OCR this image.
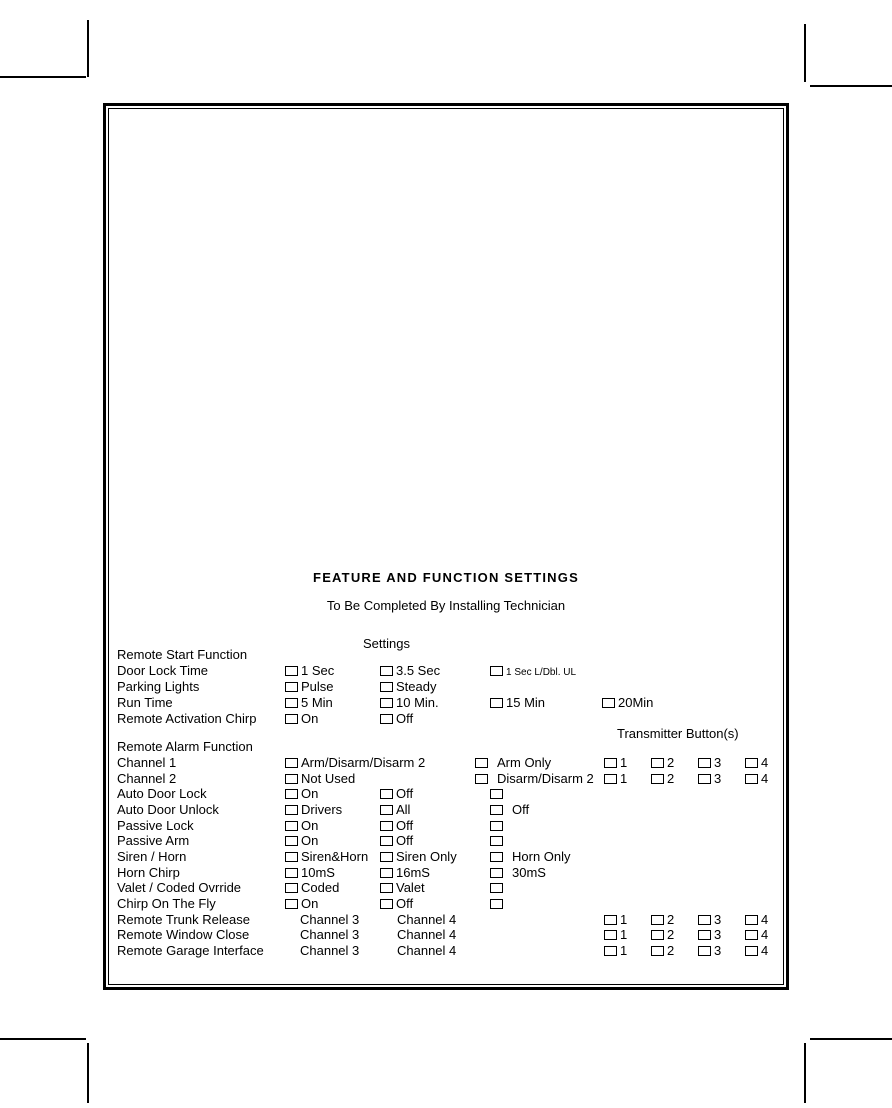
FEATURE AND FUNCTION SETTINGS
To Be Completed By Installing Technician
Settings
Transmitter Button(s)
Remote Start Function
Door Lock Time	1 Sec	3.5 Sec	1 Sec L/Dbl. UL
Parking Lights	Pulse	Steady
Run Time	5 Min	10 Min.	15 Min	20Min
Remote Activation Chirp	On	Off
Remote Alarm Function
Channel 1	Arm/Disarm/Disarm 2	Arm Only	1	2	3	4
Channel 2	Not Used	Disarm/Disarm 2	1	2	3	4
Auto Door Lock	On	Off
Auto Door Unlock	Drivers	All	Off
Passive Lock	On	Off
Passive Arm	On	Off
Siren / Horn	Siren&Horn	Siren Only	Horn Only
Horn Chirp	10mS	16mS	30mS
Valet / Coded Ovrride	Coded	Valet
Chirp On The Fly	On	Off
Remote Trunk Release	Channel 3	Channel 4	1	2	3	4
Remote Window Close	Channel 3	Channel 4	1	2	3	4
Remote Garage Interface	Channel 3	Channel 4	1	2	3	4
